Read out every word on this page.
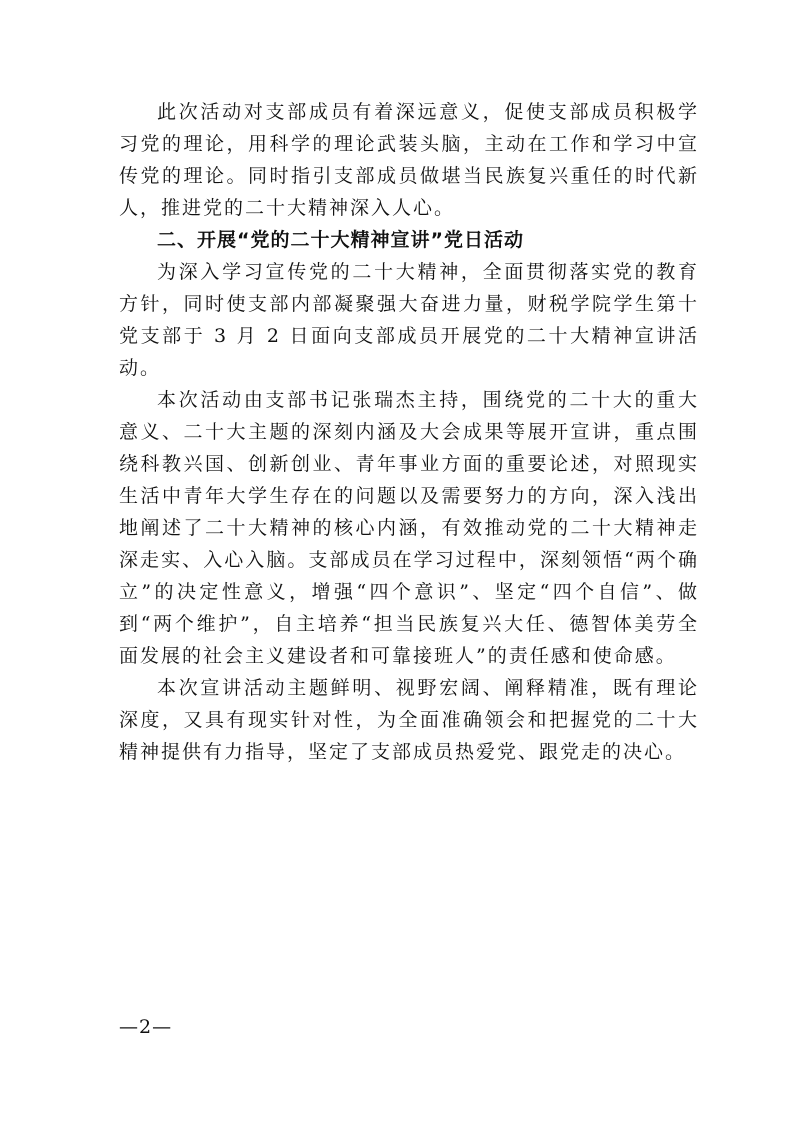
此次活动对支部成员有着深远意义，促使支部成员积极学习党的理论，用科学的理论武装头脑，主动在工作和学习中宣传党的理论。同时指引支部成员做堪当民族复兴重任的时代新人，推进党的二十大精神深入人心。

二、开展“党的二十大精神宣讲”党日活动

为深入学习宣传党的二十大精神，全面贯彻落实党的教育方针，同时使支部内部凝聚强大奋进力量，财税学院学生第十党支部于 3 月 2 日面向支部成员开展党的二十大精神宣讲活动。

本次活动由支部书记张瑞杰主持，围绕党的二十大的重大意义、二十大主题的深刻内涵及大会成果等展开宣讲，重点围绕科教兴国、创新创业、青年事业方面的重要论述，对照现实生活中青年大学生存在的问题以及需要努力的方向，深入浅出地阐述了二十大精神的核心内涵，有效推动党的二十大精神走深走实、入心入脑。支部成员在学习过程中，深刻领悟“两个确立”的决定性意义，增强“四个意识”、坚定“四个自信”、做到“两个维护”，自主培养“担当民族复兴大任、德智体美劳全面发展的社会主义建设者和可靠接班人”的责任感和使命感。

本次宣讲活动主题鲜明、视野宏阔、阐释精准，既有理论深度，又具有现实针对性，为全面准确领会和把握党的二十大精神提供有力指导，坚定了支部成员热爱党、跟党走的决心。

—2—
